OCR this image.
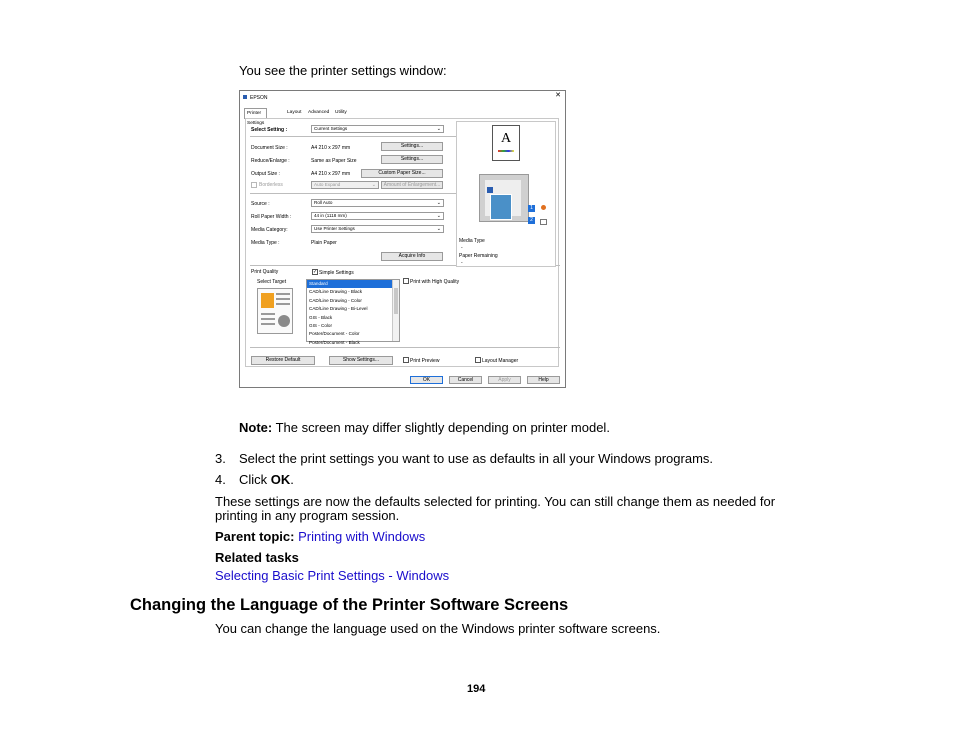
You see the printer settings window:
EPSON	✕
Printer Settings
Layout	Advanced	Utility
Select Setting :	Current Settings	⌄
Document Size :	A4 210 x 297 mm	Settings...
Reduce/Enlarge :	Same as Paper Size	Settings...
Output Size :	A4 210 x 297 mm	Custom Paper Size...
Borderless	Auto Expand	⌄	Amount of Enlargement...
Source :	Roll Auto	⌄
Roll Paper Width :	44 in (1118 mm)	⌄
Media Category:	Use Printer Settings	⌄
Media Type :	Plain Paper
Acquire Info
Print Quality	✓ Simple Settings
Select Target	Standard
CAD/Line Drawing - Black
CAD/Line Drawing - Color
CAD/Line Drawing - Bi-Level
GIS - Black
GIS - Color
Poster/Document - Color
Poster/Document - Black
Print with High Quality
Restore Default	Show Settings...	Print Preview	Layout Manager
A
1
2
Media Type
-
Paper Remaining
-
OK	Cancel	Apply	Help
Note: The screen may differ slightly depending on printer model.
3. Select the print settings you want to use as defaults in all your Windows programs.
4. Click OK.
These settings are now the defaults selected for printing. You can still change them as needed for
printing in any program session.
Parent topic: Printing with Windows
Related tasks
Selecting Basic Print Settings - Windows
Changing the Language of the Printer Software Screens
You can change the language used on the Windows printer software screens.
194
